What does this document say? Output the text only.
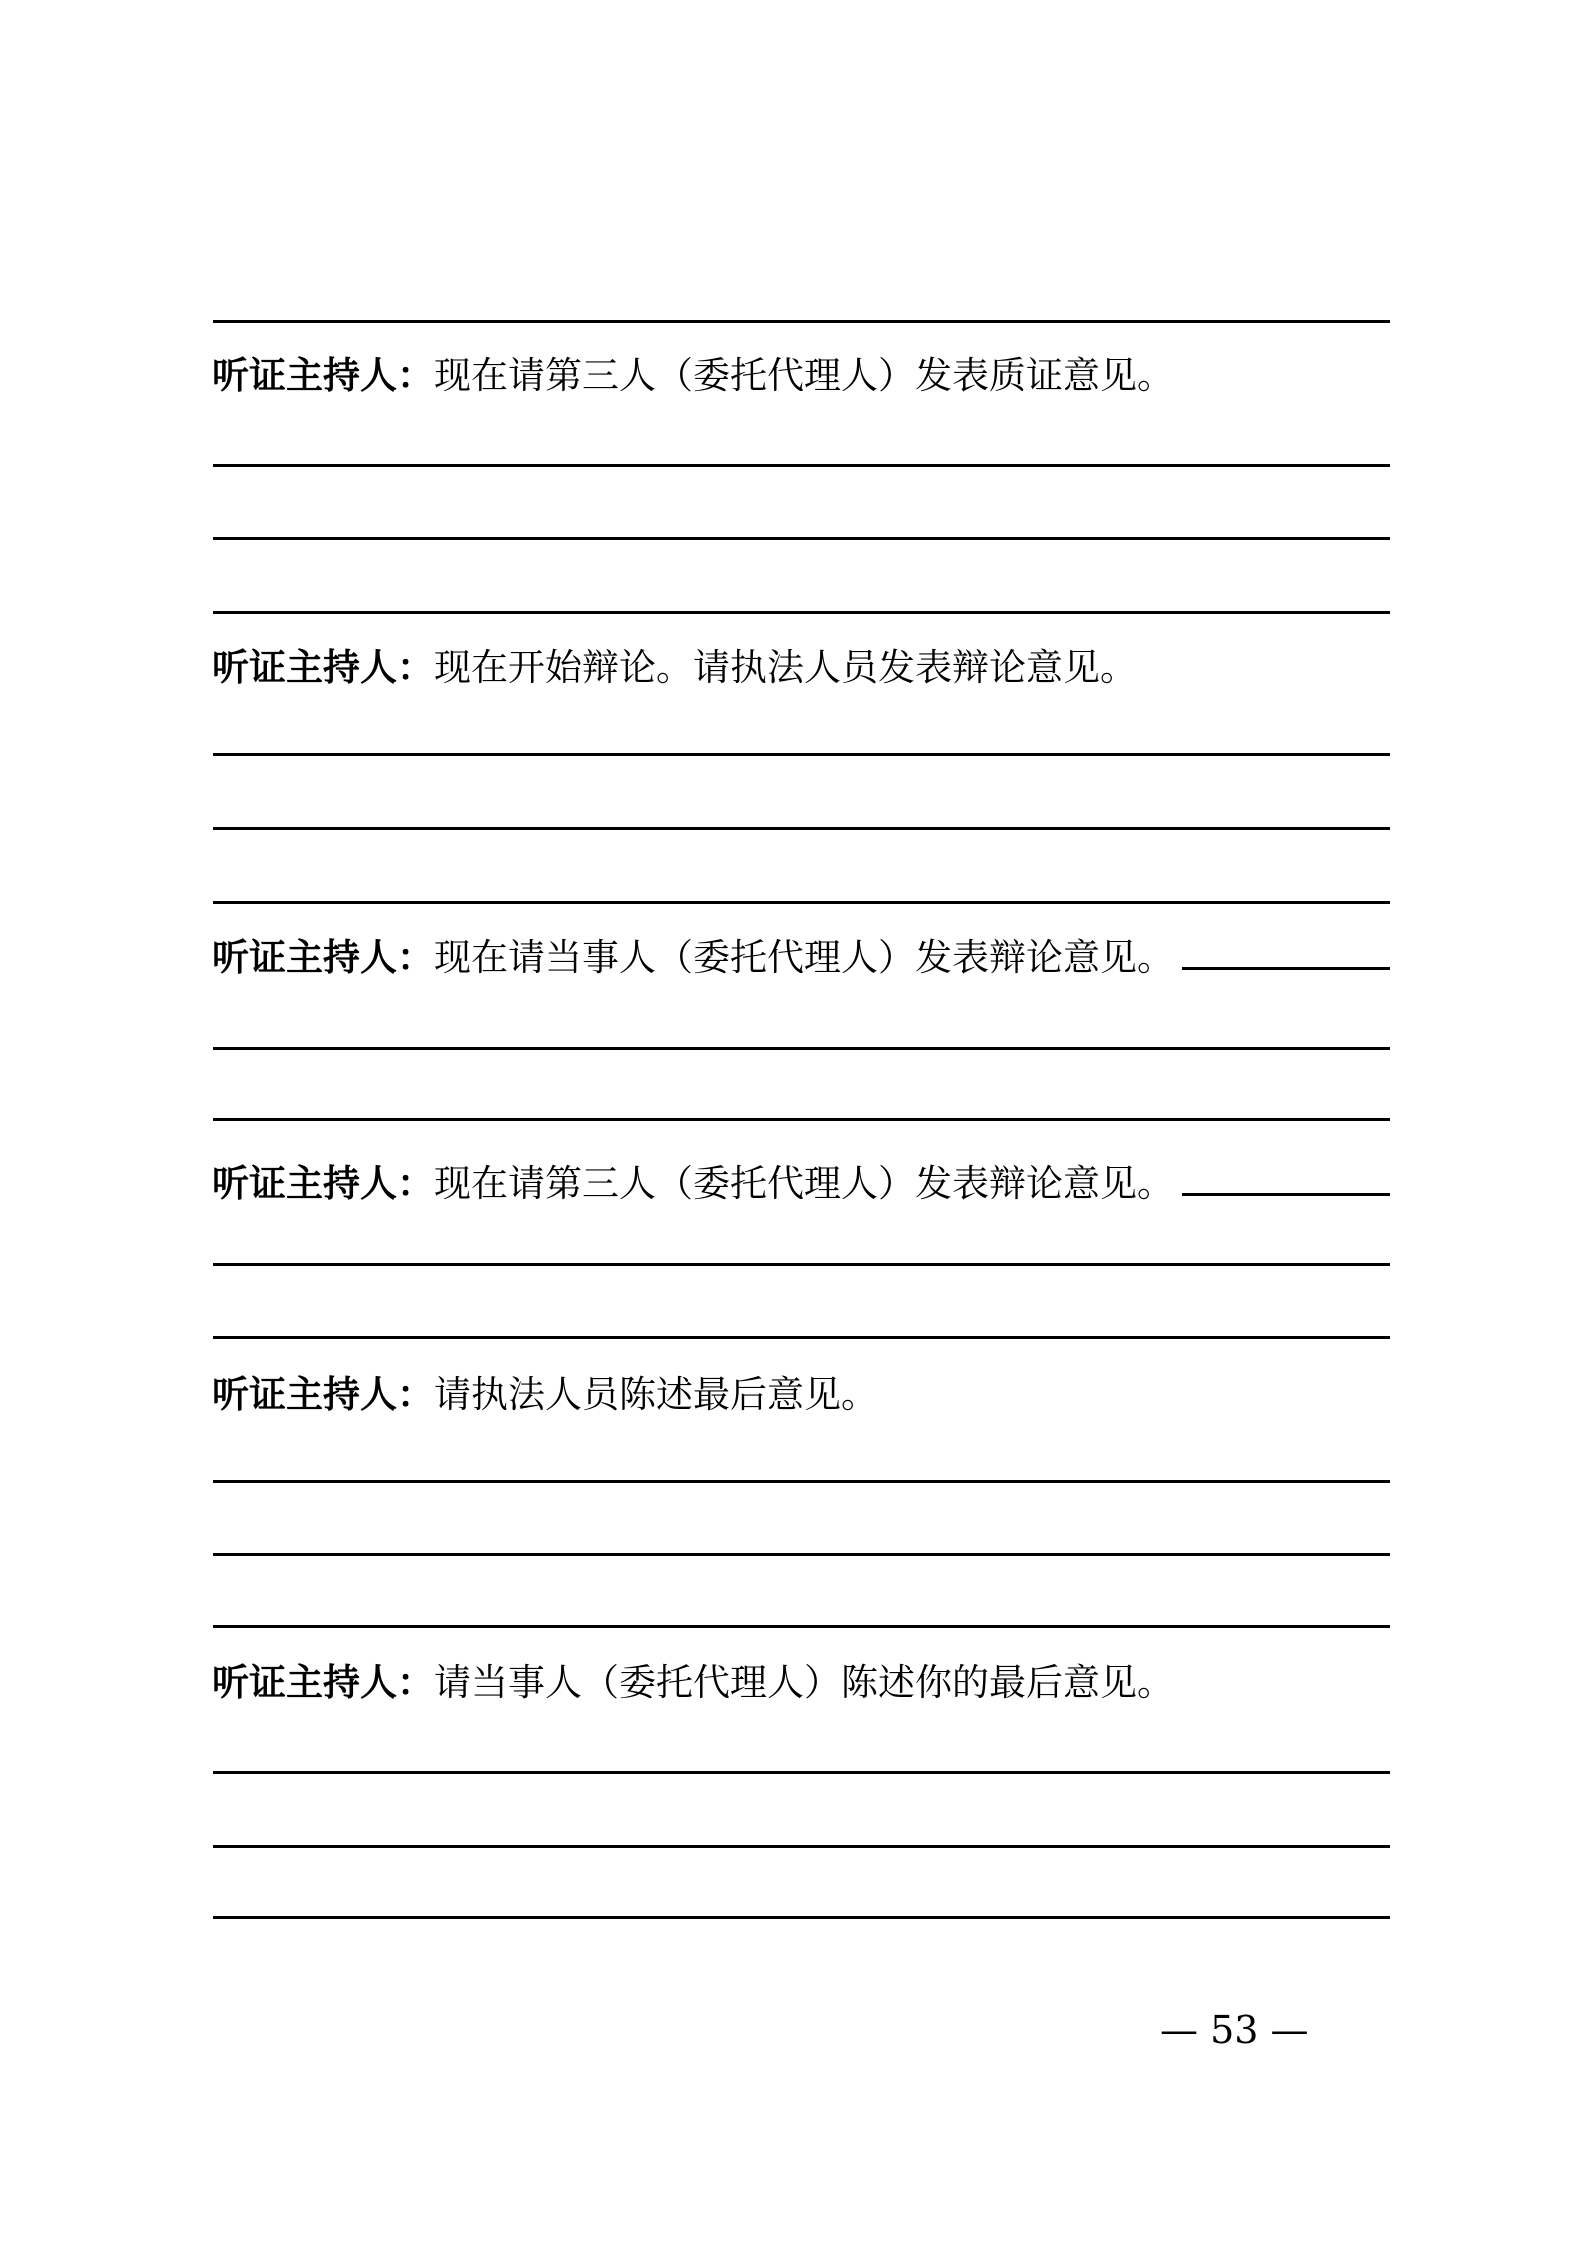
听证主持人：现在请第三人（委托代理人）发表质证意见。

听证主持人：现在开始辩论。请执法人员发表辩论意见。

听证主持人：现在请当事人（委托代理人）发表辩论意见。

听证主持人：现在请第三人（委托代理人）发表辩论意见。

听证主持人：请执法人员陈述最后意见。

听证主持人：请当事人（委托代理人）陈述你的最后意见。

— 53 —
